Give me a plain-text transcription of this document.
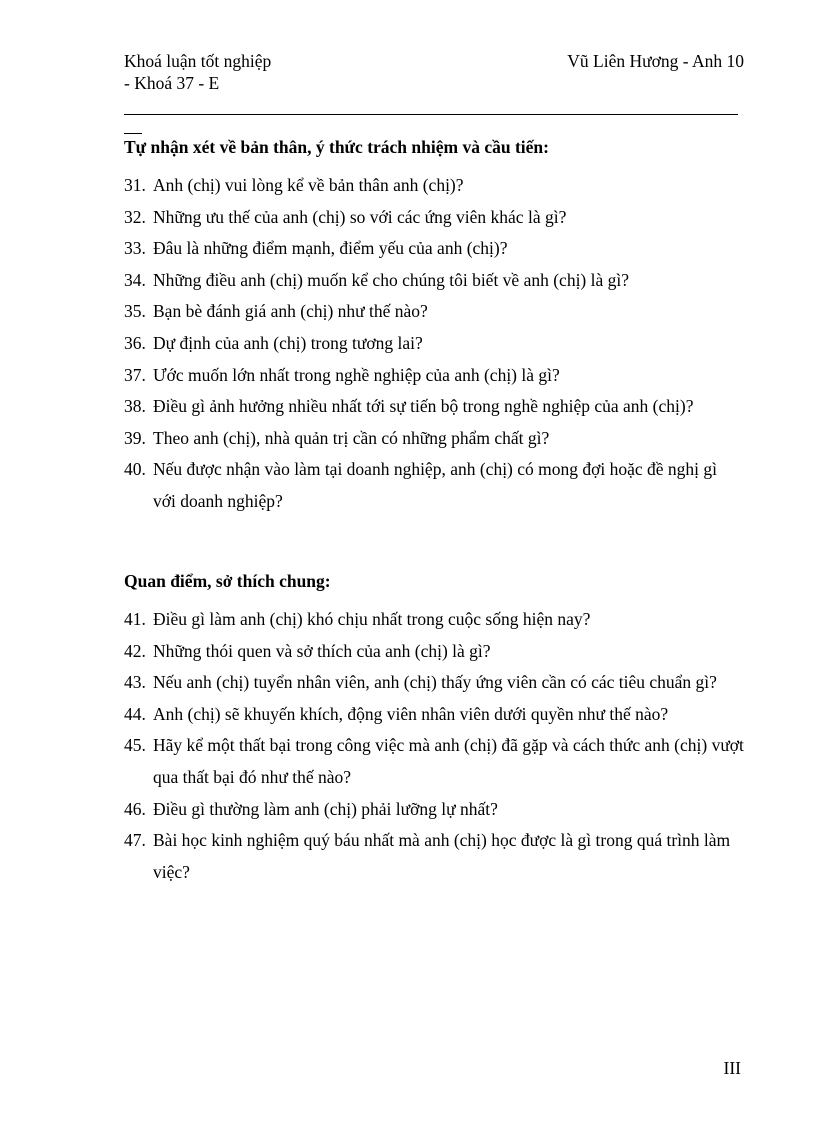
Khoá luận tốt nghiệp
- Khoá 37 - E
Vũ Liên Hương - Anh 10
Tự nhận xét về bản thân, ý thức trách nhiệm và cầu tiến:
31. Anh (chị) vui lòng kể về bản thân anh (chị)?
32. Những ưu thế của anh (chị) so với các ứng viên khác là gì?
33. Đâu là những điểm mạnh, điểm yếu của anh (chị)?
34. Những điều anh (chị) muốn kể cho chúng tôi biết về anh (chị) là gì?
35. Bạn bè đánh giá anh (chị) như thế nào?
36. Dự định của anh (chị) trong tương lai?
37. Ước muốn lớn nhất trong nghề nghiệp của anh (chị) là gì?
38. Điều gì ảnh hưởng nhiều nhất tới sự tiến bộ trong nghề nghiệp của anh (chị)?
39. Theo anh (chị), nhà quản trị cần có những phẩm chất gì?
40. Nếu được nhận vào làm tại doanh nghiệp, anh (chị) có mong đợi hoặc đề nghị gì với doanh nghiệp?
Quan điểm, sở thích chung:
41. Điều gì làm anh (chị) khó chịu nhất trong cuộc sống hiện nay?
42. Những thói quen và sở thích của anh (chị) là gì?
43. Nếu anh (chị) tuyển nhân viên, anh (chị) thấy ứng viên cần có các tiêu chuẩn gì?
44. Anh (chị) sẽ khuyến khích, động viên nhân viên dưới quyền như thế nào?
45. Hãy kể một thất bại trong công việc mà anh (chị) đã gặp và cách thức anh (chị) vượt qua thất bại đó như thế nào?
46. Điều gì thường làm anh (chị) phải lưỡng lự nhất?
47. Bài học kinh nghiệm quý báu nhất mà anh (chị) học được là gì trong quá trình làm việc?
III
